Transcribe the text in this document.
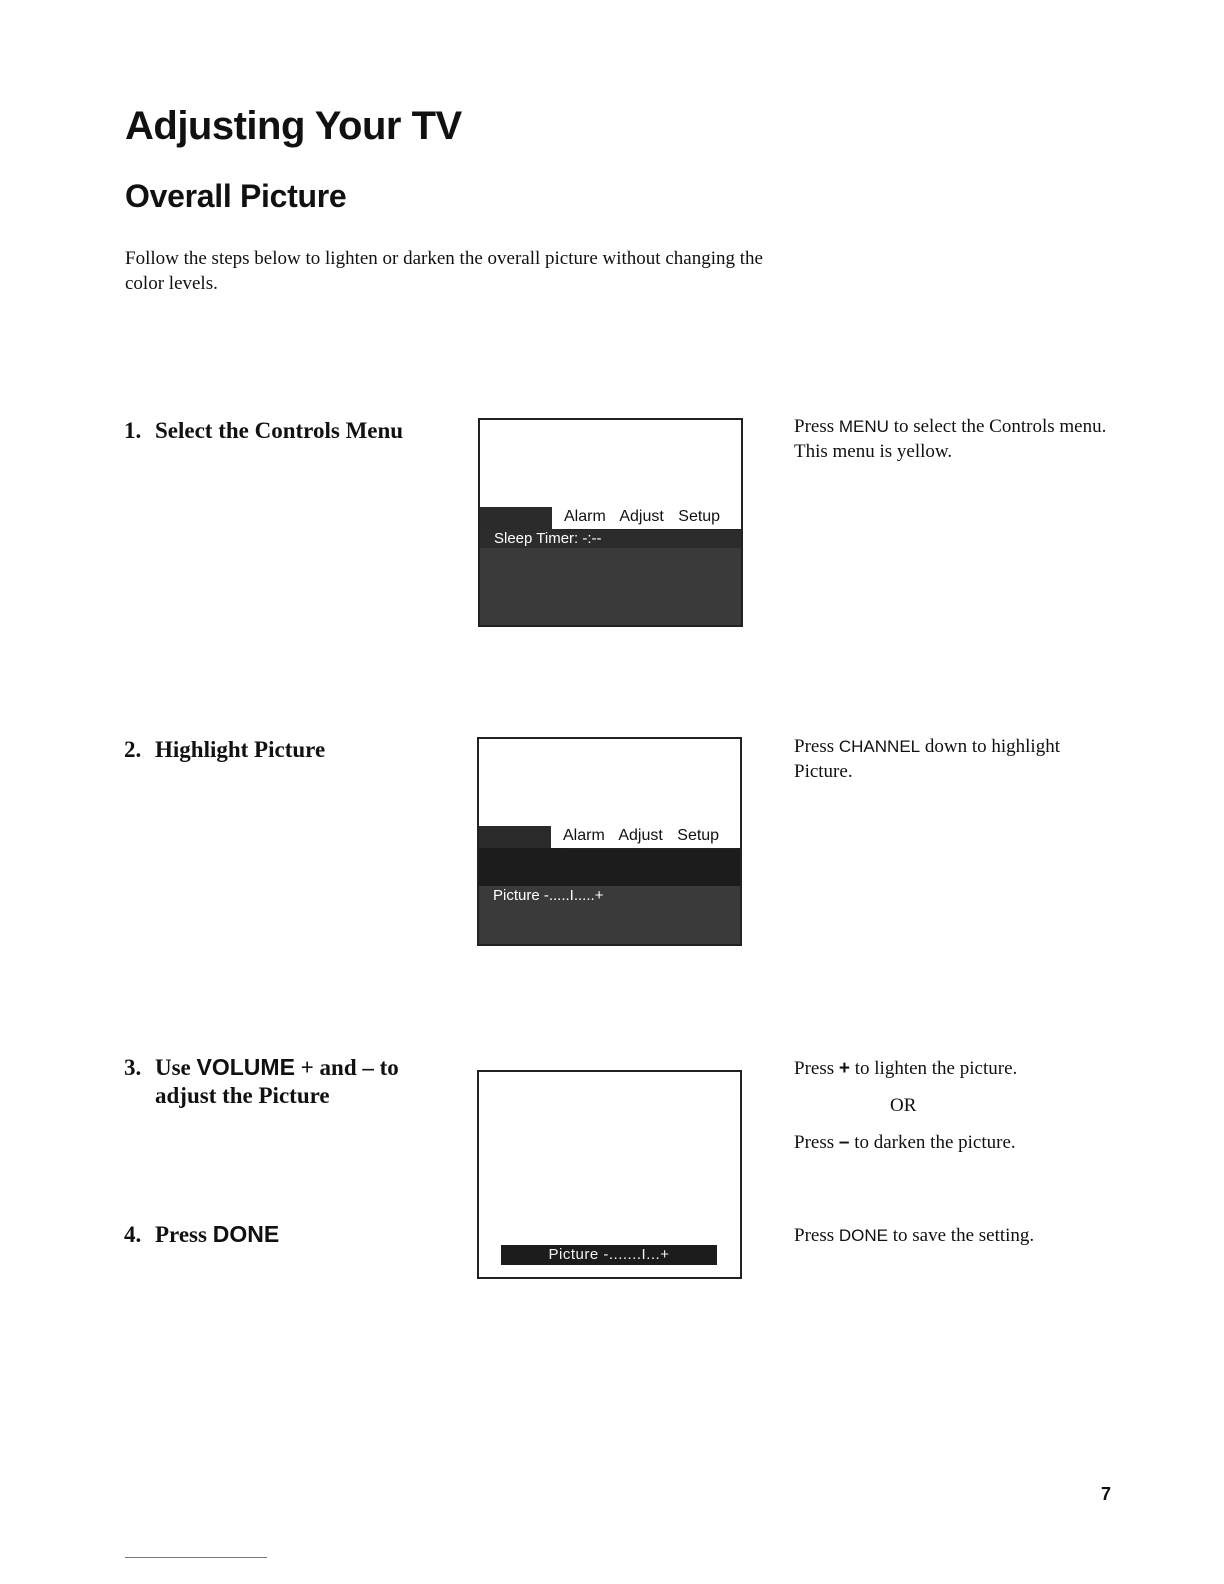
Adjusting Your TV
Overall Picture
Follow the steps below to lighten or darken the overall picture without changing the color levels.
1. Select the Controls Menu
Alarm Adjust Setup
Sleep Timer: -:--
Press MENU to select the Controls menu. This menu is yellow.
2. Highlight Picture
Alarm Adjust Setup
Picture -.....I.....+
Press CHANNEL down to highlight Picture.
3. Use VOLUME + and – to
adjust the Picture
Picture -.......I...+
Press + to lighten the picture.
OR
Press – to darken the picture.
4. Press DONE	Press DONE to save the setting.
7
